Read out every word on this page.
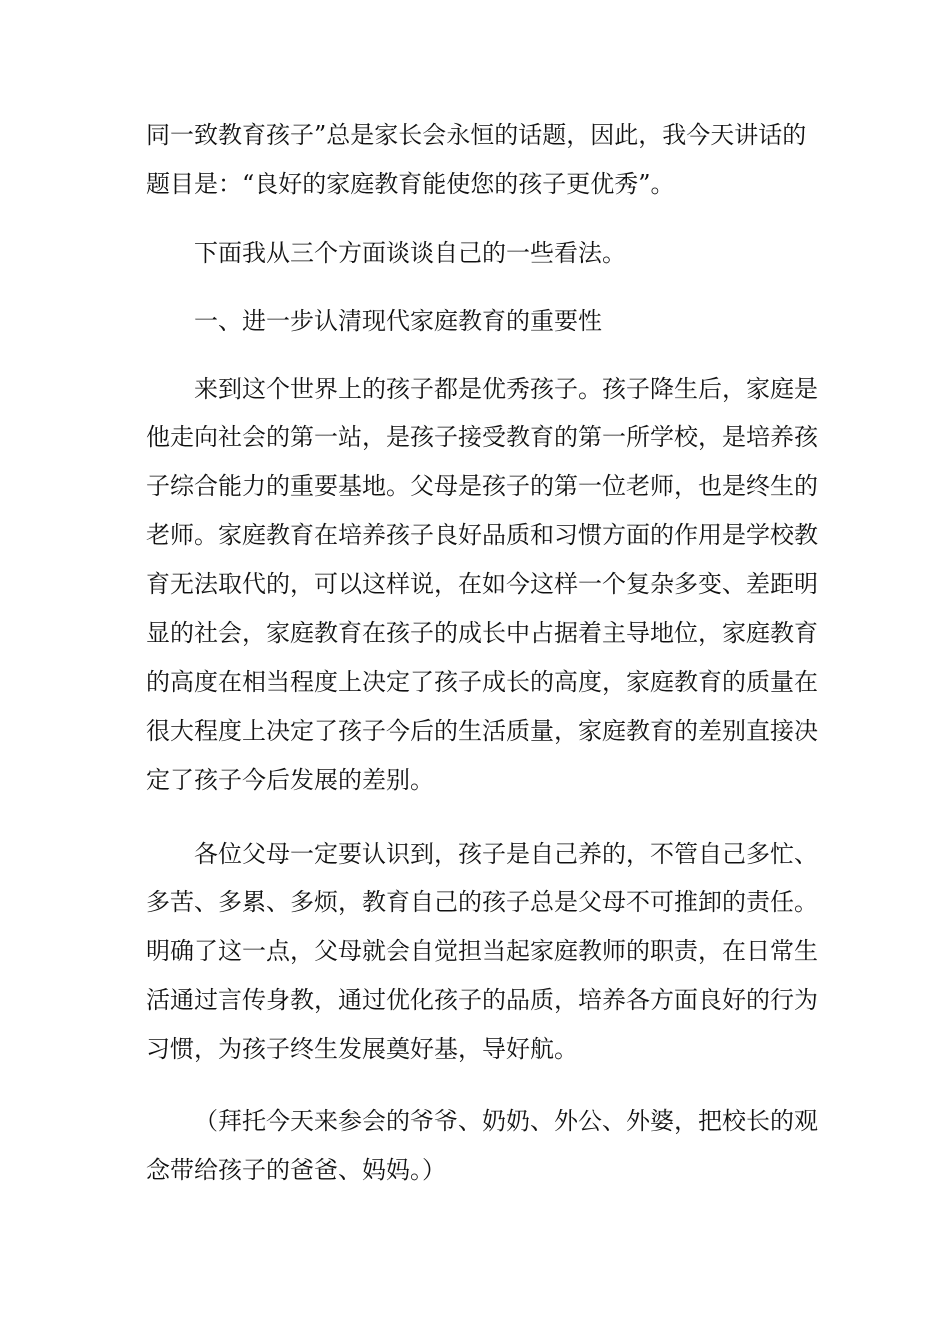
同一致教育孩子”总是家长会永恒的话题，因此，我今天讲话的
题目是：“良好的家庭教育能使您的孩子更优秀”。
下面我从三个方面谈谈自己的一些看法。
一、进一步认清现代家庭教育的重要性
来到这个世界上的孩子都是优秀孩子。孩子降生后，家庭是
他走向社会的第一站，是孩子接受教育的第一所学校，是培养孩
子综合能力的重要基地。父母是孩子的第一位老师，也是终生的
老师。家庭教育在培养孩子良好品质和习惯方面的作用是学校教
育无法取代的，可以这样说，在如今这样一个复杂多变、差距明
显的社会，家庭教育在孩子的成长中占据着主导地位，家庭教育
的高度在相当程度上决定了孩子成长的高度，家庭教育的质量在
很大程度上决定了孩子今后的生活质量，家庭教育的差别直接决
定了孩子今后发展的差别。
各位父母一定要认识到，孩子是自己养的，不管自己多忙、
多苦、多累、多烦，教育自己的孩子总是父母不可推卸的责任。
明确了这一点，父母就会自觉担当起家庭教师的职责，在日常生
活通过言传身教，通过优化孩子的品质，培养各方面良好的行为
习惯，为孩子终生发展奠好基，导好航。
（拜托今天来参会的爷爷、奶奶、外公、外婆，把校长的观
念带给孩子的爸爸、妈妈。）
